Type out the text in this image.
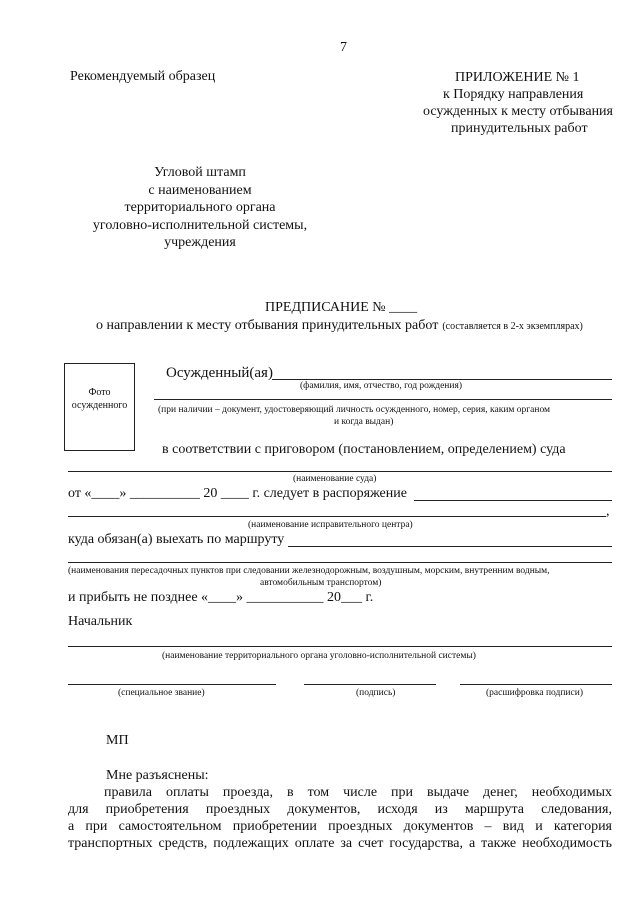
7
Рекомендуемый образец	ПРИЛОЖЕНИЕ № 1
к Порядку направления
осужденных к месту отбывания
принудительных работ
Угловой штамп
с наименованием
территориального органа
уголовно-исполнительной системы,
учреждения
ПРЕДПИСАНИЕ № ____
о направлении к месту отбывания принудительных работ (составляется в 2-х экземплярах)
Фото осужденного
Осужденный(ая)
(фамилия, имя, отчество, год рождения)
(при наличии – документ, удостоверяющий личность осужденного, номер, серия, каким органом
и когда выдан)
в соответствии с приговором (постановлением, определением) суда
(наименование суда)
от «____» __________ 20 ____ г. следует в распоряжение
,
(наименование исправительного центра)
куда обязан(а) выехать по маршруту
(наименования пересадочных пунктов при следовании железнодорожным, воздушным, морским, внутренним водным,
автомобильным транспортом)
и прибыть не позднее «____» ___________ 20___ г.
Начальник
(наименование территориального органа уголовно-исполнительной системы)
(специальное звание)	(подпись)	(расшифровка подписи)
МП
Мне разъяснены:
правила оплаты проезда, в том числе при выдаче денег, необходимых
для приобретения проездных документов, исходя из маршрута следования,
а при самостоятельном приобретении проездных документов – вид и категория
транспортных средств, подлежащих оплате за счет государства, а также необходимость
